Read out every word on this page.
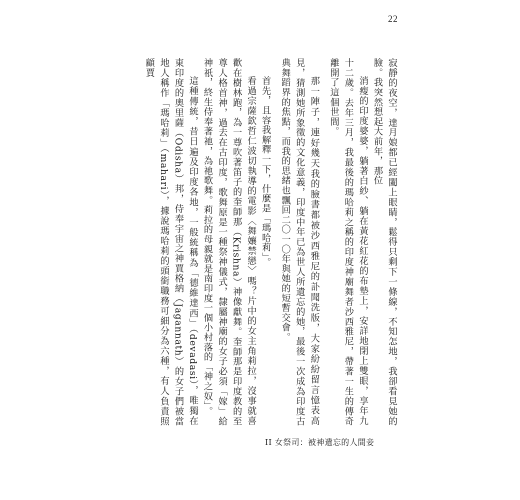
22

寂靜的夜空，達月娘都已經闔上眼睛，鬆得只剩下一條線，不知怎地，我卻看見她的臉。我突然想起大前年，那位

消瘦的印度婆婆，躺著白紗、躺在黃花紅花的布墊上，安詳地閉上雙眼，享年九十二歲。去年三月，我最後的瑪哈莉之稱的印度神廟舞者沙西雅尼，帶著一生的傳奇離開了這個世間。

那一陣子，連好幾天我的臉書都被沙西雅尼的訃聞洗版，大家紛紛留言憶表高見，猜測她所象徵的文化意義，印度中年已為世人所遺忘的她，最後一次成為印度古典舞蹈界的焦點，而我的思緒也飄回二〇一〇年與她的短暫交會。

首先，且容我解釋一下，什麼是「瑪哈莉」。

看過宗薩欽哲仁波切執導的電影〈舞孃禁戀〉嗎？片中的女主角莉拉，沒事就喜歡在樹林跑，為一尊吹著笛子的奎師那（Krishna）神像獻舞。奎師那是印度教的至尊人格首神，過去在古印度，歌舞原是一種祭神儀式，隸屬神廟的女子必須「嫁」給神祇，終生侍奉著祂，為祂歌舞。莉拉的母親就是南印度一個小村落的「神之奴」。

這種傳統，昔日遍及印度各地，一般統稱為「德維達西」（devadasi），唯獨在東印度的奧里薩（Odisha）邦，侍奉宇宙之神賈格納（Jagannath）的女子們被當地人稱作「瑪哈莉」（mahari），據說瑪哈莉的頭銜職務可細分為六種，有人負責照顧賈

II 女祭司：被神遺忘的人間妾
